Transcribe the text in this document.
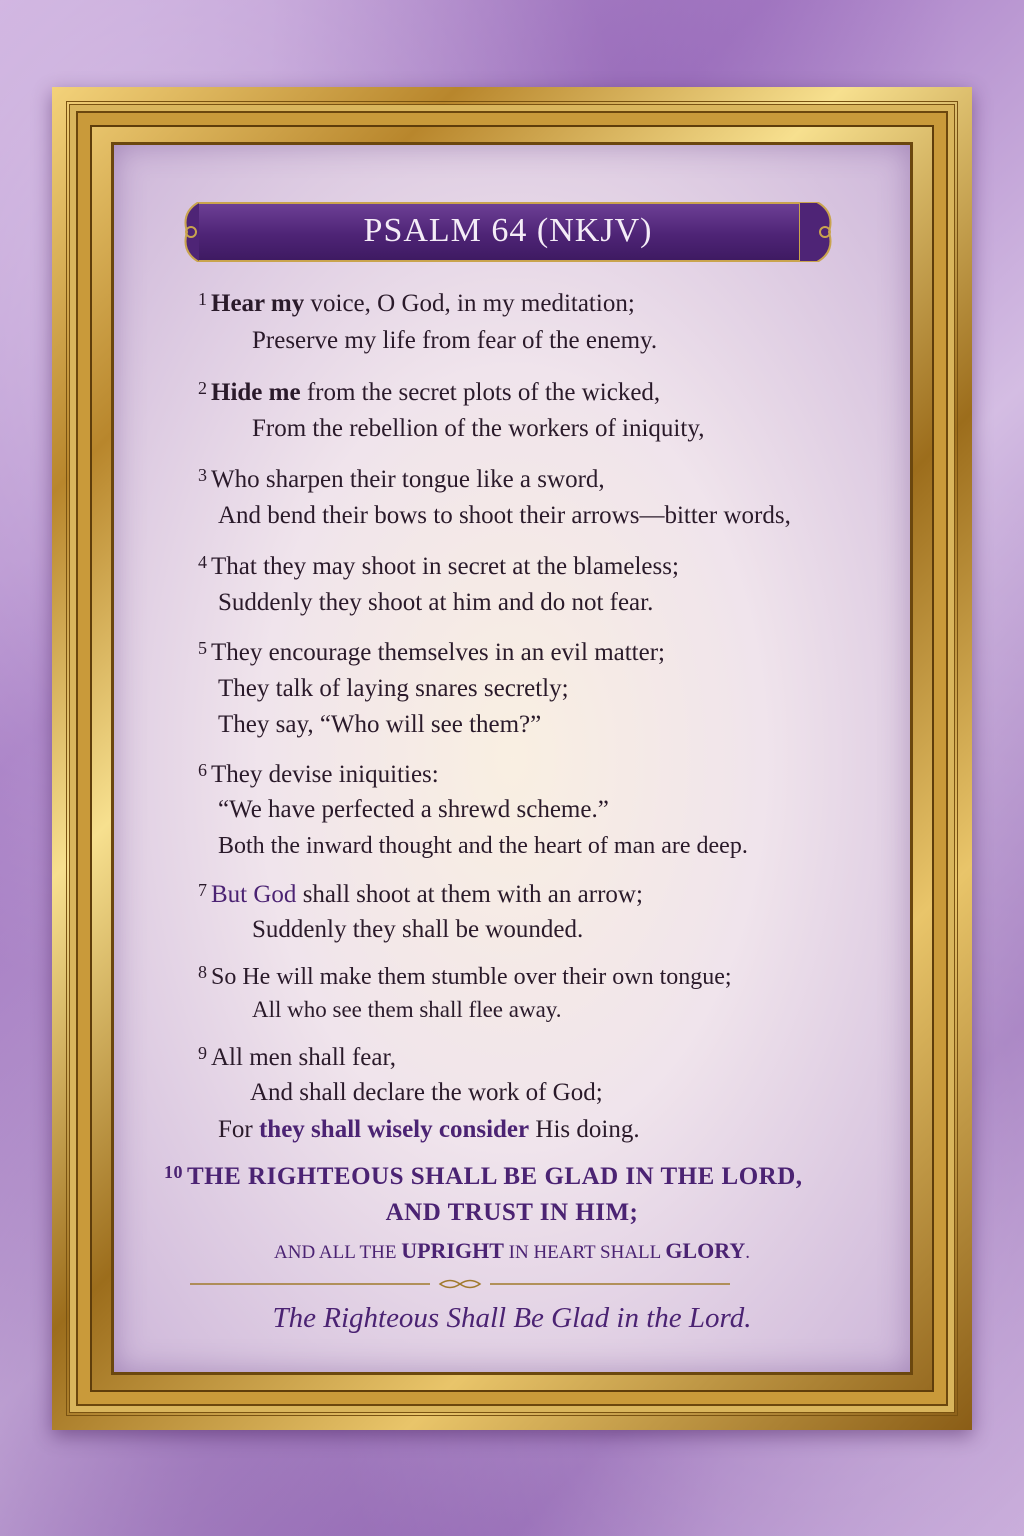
PSALM 64 (NKJV)
$^1$ Hear my voice, O God, in my meditation;
Preserve my life from fear of the enemy.
$^2$ Hide me from the secret plots of the wicked,
From the rebellion of the workers of iniquity,
$^3$ Who sharpen their tongue like a sword,
And bend their bows to shoot their arrows—bitter words,
$^4$ That they may shoot in secret at the blameless;
Suddenly they shoot at him and do not fear.
$^5$ They encourage themselves in an evil matter;
They talk of laying snares secretly;
They say, “Who will see them?”
$^6$ They devise iniquities:
“We have perfected a shrewd scheme.”
Both the inward thought and the heart of man are deep.
$^7$ But God shall shoot at them with an arrow;
Suddenly they shall be wounded.
$^8$ So He will make them stumble over their own tongue;
All who see them shall flee away.
$^9$ All men shall fear,
And shall declare the work of God;
For they shall wisely consider His doing.
$^{10}$ THE RIGHTEOUS SHALL BE GLAD IN THE LORD,
AND TRUST IN HIM;
AND ALL THE UPRIGHT IN HEART SHALL GLORY.
The Righteous Shall Be Glad in the Lord.
